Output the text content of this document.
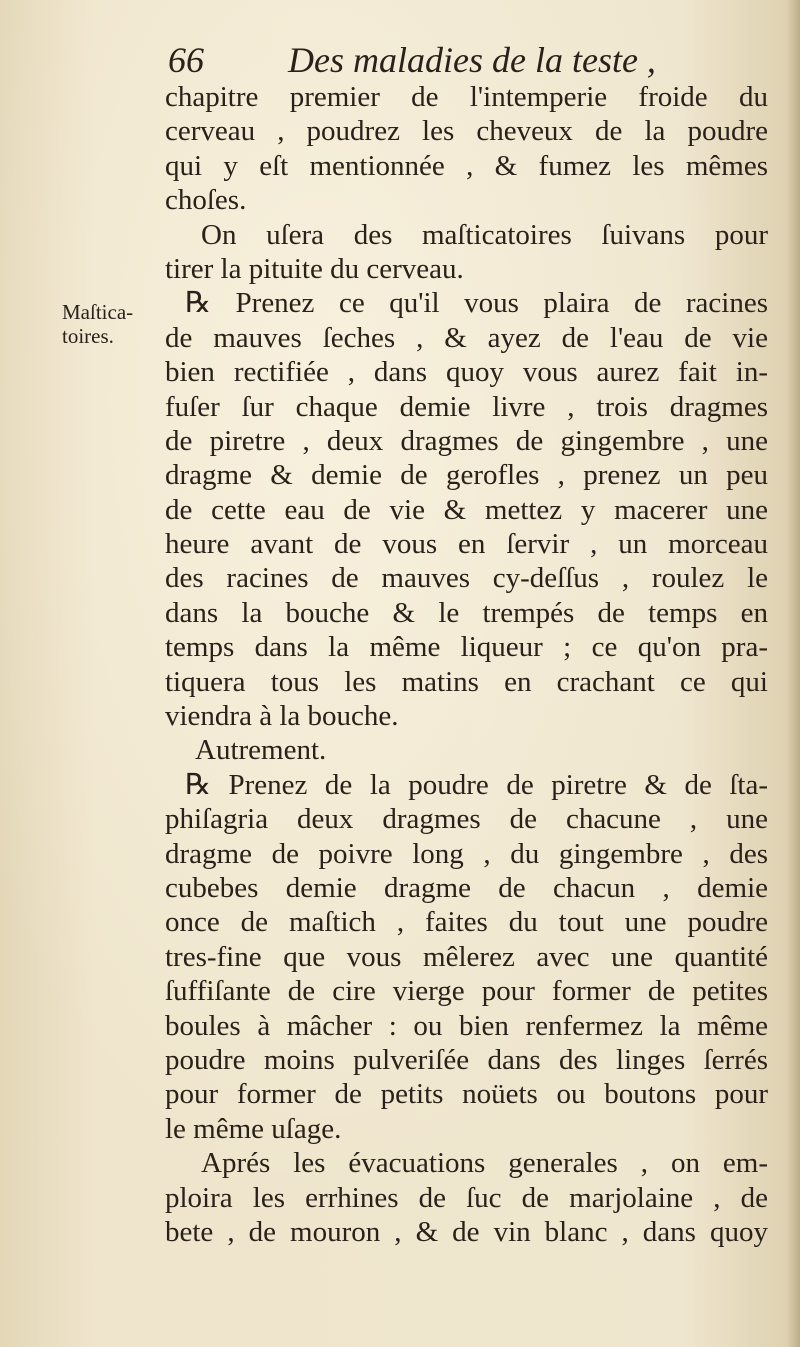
66 Des maladies de la teste ,
Maſtica-
toires.
chapitre premier de l'intemperie froide du
cerveau , poudrez les cheveux de la poudre
qui y eſt mentionnée , & fumez les mêmes
choſes.
On uſera des maſticatoires ſuivans pour
tirer la pituite du cerveau.
℞ Prenez ce qu'il vous plaira de racines
de mauves ſeches , & ayez de l'eau de vie
bien rectifiée , dans quoy vous aurez fait in-
fuſer ſur chaque demie livre , trois dragmes
de piretre , deux dragmes de gingembre , une
dragme & demie de gerofles , prenez un peu
de cette eau de vie & mettez y macerer une
heure avant de vous en ſervir , un morceau
des racines de mauves cy-deſſus , roulez le
dans la bouche & le trempés de temps en
temps dans la même liqueur ; ce qu'on pra-
tiquera tous les matins en crachant ce qui
viendra à la bouche.
Autrement.
℞ Prenez de la poudre de piretre & de ſta-
phiſagria deux dragmes de chacune , une
dragme de poivre long , du gingembre , des
cubebes demie dragme de chacun , demie
once de maſtich , faites du tout une poudre
tres-fine que vous mêlerez avec une quantité
ſuffiſante de cire vierge pour former de petites
boules à mâcher : ou bien renfermez la même
poudre moins pulveriſée dans des linges ſerrés
pour former de petits noüets ou boutons pour
le même uſage.
Aprés les évacuations generales , on em-
ploira les errhines de ſuc de marjolaine , de
bete , de mouron , & de vin blanc , dans quoy
